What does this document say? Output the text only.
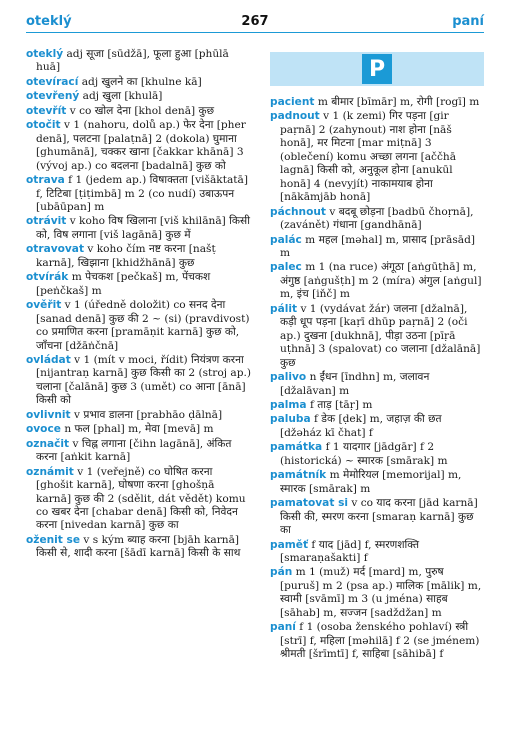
oteklý	267	paní

oteklý adj सूजा [sūdžā], फूला हुआ [phūlā huā]

otevírací adj खुलने का [khulne kā]

otevřený adj खुला [khulā]

otevřít v co खोल देना [khol denā] कुछ

otočit v 1 (nahoru, dolů ap.) फेर देना [pher denā], पलटना [palaṭnā] 2 (dokola) घुमाना [ghumānā], चक्कर खाना [čakkar khānā] 3 (vývoj ap.) co बदलना [badalnā] कुछ को

otrava f 1 (jedem ap.) विषाक्तता [višāktatā] f, टिटिबा [ṭiṭimbā] m 2 (co nudí) उबाऊपन [ubāūpan] m

otrávit v koho विष खिलाना [viš khilānā] किसी को, विष लगाना [viš lagānā] कुछ में

otravovat v koho čím नष्ट करना [našṭ karnā], खिझाना [khidžhānā] कुछ

otvírák m पेचकश [pečkaš] m, पेंचकश [peṅčkaš] m

ověřit v 1 (úředně doložit) co सनद देना [sanad denā] कुछ की 2 ~ (si) (pravdivost) co प्रमाणित करना [pramāṇit karnā] कुछ को, जाँचना [džāṅčnā]

ovládat v 1 (mít v moci, řídit) नियंत्रण करना [nijantraṇ karnā] कुछ किसी का 2 (stroj ap.) चलाना [čalānā] कुछ 3 (umět) co आना [ānā] किसी को

ovlivnit v प्रभाव डालना [prabhāo ḍālnā]

ovoce n फल [phal] m, मेवा [mevā] m

označit v चिह्न लगाना [čihn lagānā], अंकित करना [aṅkit karnā]

oznámit v 1 (veřejně) co घोषित करना [ghošit karnā], घोषणा करना [ghošṇā karnā] कुछ की 2 (sdělit, dát vědět) komu co खबर देना [chabar denā] किसी को, निवेदन करना [nivedan karnā] कुछ का

oženit se v s kým ब्याह करना [bjāh karnā] किसी से, शादी करना [šādī karnā] किसी के साथ

P

pacient m बीमार [bīmār] m, रोगी [rogī] m

padnout v 1 (k zemi) गिर पड़ना [gir paṛnā] 2 (zahynout) नाश होना [nāš honā], मर मिटना [mar miṭnā] 3 (oblečení) komu अच्छा लगना [aččhā lagnā] किसी को, अनुकूल होना [anukūl honā] 4 (nevyjít) नाकामयाब होना [nākāmjāb honā]

páchnout v बदबू छोड़ना [badbū čhoṛnā], (zavánět) गंधाना [gandhānā]

palác m महल [məhal] m, प्रासाद [prāsād] m

palec m 1 (na ruce) अंगूठा [aṅgūṭhā] m, अंगुष्ठ [aṅgušṭh] m 2 (míra) अंगुल [aṅgul] m, इंच [iňč] m

pálit v 1 (vydávat žár) जलना [džalnā], कड़ी धूप पड़ना [kaṛī dhūp paṛnā] 2 (oči ap.) दुखना [dukhnā], पीड़ा उठना [pīṛā uṭhnā] 3 (spalovat) co जलाना [džalānā] कुछ

palivo n ईंधन [īndhn] m, जलावन [džalāvan] m

palma f ताड़ [tāṛ] m

paluba f डेक [ḍek] m, जहाज़ की छत [džəház kī čhat] f

památka f 1 यादगार [jādgār] f 2 (historická) ~ स्मारक [smārak] m

památník m मेमोरियल [memorijal] m, स्मारक [smārak] m

pamatovat si v co याद करना [jād karnā] किसी की, स्मरण करना [smaraṇ karnā] कुछ का

paměť f याद [jād] f, स्मरणशक्ति [smaraṇašakti] f

pán m 1 (muž) मर्द [mard] m, पुरुष [puruš] m 2 (psa ap.) मालिक [mālik] m, स्वामी [svāmī] m 3 (u jména) साहब [sāhab] m, सज्जन [sadždžan] m

paní f 1 (osoba ženského pohlaví) स्त्री [strī] f, महिला [məhilā] f 2 (se jménem) श्रीमती [šrīmtī] f, साहिबा [sāhibā] f
